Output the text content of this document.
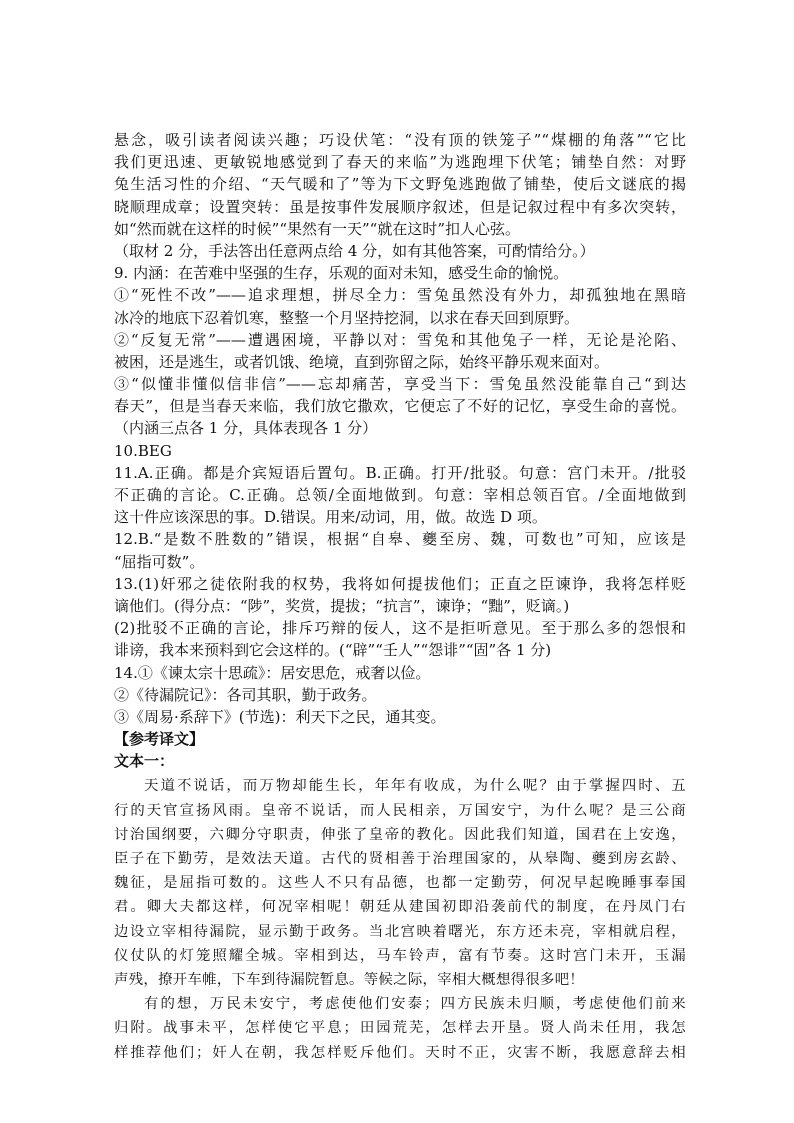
悬念，吸引读者阅读兴趣；巧设伏笔：“没有顶的铁笼子”“煤棚的角落”“它比
我们更迅速、更敏锐地感觉到了春天的来临”为逃跑埋下伏笔；铺垫自然：对野
兔生活习性的介绍、“天气暖和了”等为下文野兔逃跑做了铺垫，使后文谜底的揭
晓顺理成章；设置突转：虽是按事件发展顺序叙述，但是记叙过程中有多次突转，
如“然而就在这样的时候”“果然有一天”“就在这时”扣人心弦。
（取材 2 分，手法答出任意两点给 4 分，如有其他答案，可酌情给分。）
9. 内涵：在苦难中坚强的生存，乐观的面对未知，感受生命的愉悦。
①“死性不改”——追求理想，拼尽全力：雪兔虽然没有外力，却孤独地在黑暗
冰冷的地底下忍着饥寒，整整一个月坚持挖洞，以求在春天回到原野。
②“反复无常”——遭遇困境，平静以对：雪兔和其他兔子一样，无论是沦陷、
被困，还是逃生，或者饥饿、绝境，直到弥留之际，始终平静乐观来面对。
③“似懂非懂似信非信”——忘却痛苦，享受当下：雪兔虽然没能靠自己“到达
春天”，但是当春天来临，我们放它撒欢，它便忘了不好的记忆，享受生命的喜悦。
（内涵三点各 1 分，具体表现各 1 分）
10.BEG
11.A.正确。都是介宾短语后置句。B.正确。打开/批驳。句意：宫门未开。/批驳
不正确的言论。C.正确。总领/全面地做到。句意：宰相总领百官。/全面地做到
这十件应该深思的事。D.错误。用来/动词，用，做。故选 D 项。
12.B.“是数不胜数的”错误，根据“自皋、夔至房、魏，可数也”可知，应该是
“屈指可数”。
13.(1)奸邪之徒依附我的权势，我将如何提拔他们；正直之臣谏诤，我将怎样贬
谪他们。(得分点：“陟”，奖赏，提拔；“抗言”，谏诤；“黜”，贬谪。)
(2)批驳不正确的言论，排斥巧辩的佞人，这不是拒听意见。至于那么多的怨恨和
诽谤，我本来预料到它会这样的。(“辟”“壬人”“怨诽”“固”各 1 分)
14.①《谏太宗十思疏》：居安思危，戒奢以俭。
②《待漏院记》：各司其职，勤于政务。
③《周易·系辞下》(节选)：利天下之民，通其变。
【参考译文】
文本一：
天道不说话，而万物却能生长，年年有收成，为什么呢？由于掌握四时、五
行的天官宣扬风雨。皇帝不说话，而人民相亲，万国安宁，为什么呢？是三公商
讨治国纲要，六卿分守职责，伸张了皇帝的教化。因此我们知道，国君在上安逸，
臣子在下勤劳，是效法天道。古代的贤相善于治理国家的，从皋陶、夔到房玄龄、
魏征，是屈指可数的。这些人不只有品德，也都一定勤劳，何况早起晚睡事奉国
君。卿大夫都这样，何况宰相呢！朝廷从建国初即沿袭前代的制度，在丹凤门右
边设立宰相待漏院，显示勤于政务。当北宫映着曙光，东方还未亮，宰相就启程，
仪仗队的灯笼照耀全城。宰相到达，马车铃声，富有节奏。这时宫门未开，玉漏
声残，撩开车帷，下车到待漏院暂息。等候之际，宰相大概想得很多吧！
有的想，万民未安宁，考虑使他们安泰；四方民族未归顺，考虑使他们前来
归附。战事未平，怎样使它平息；田园荒芜，怎样去开垦。贤人尚未任用，我怎
样推荐他们；奸人在朝，我怎样贬斥他们。天时不正，灾害不断，我愿意辞去相
